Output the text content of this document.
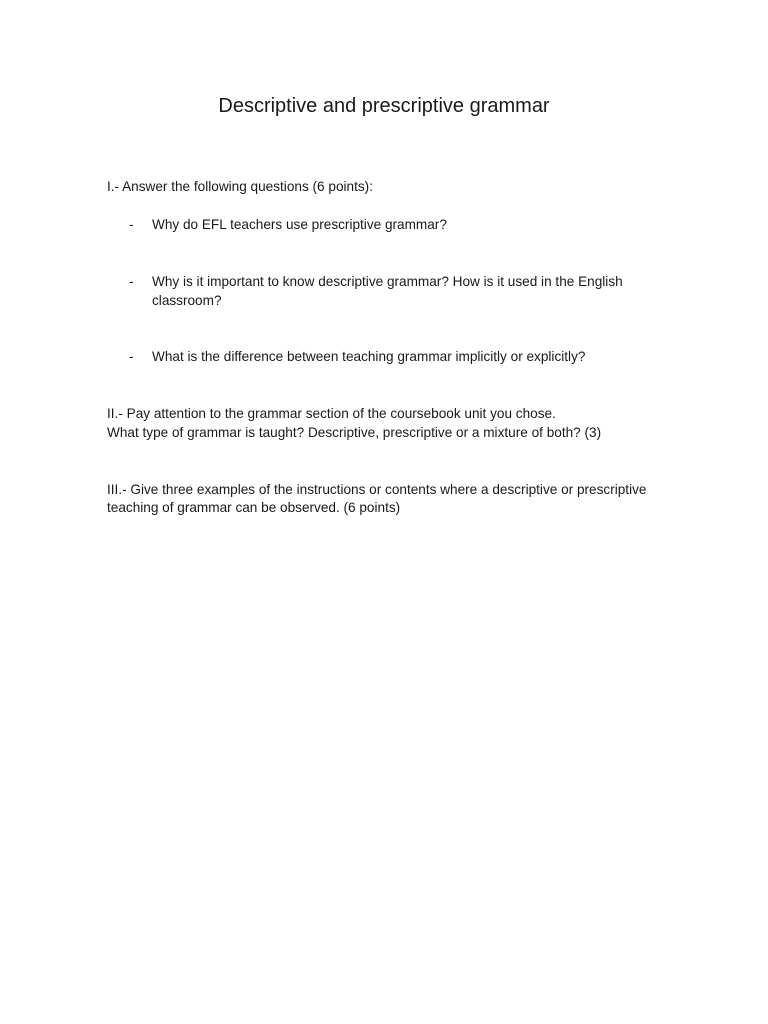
Descriptive and prescriptive grammar
I.- Answer the following questions (6 points):
- Why do EFL teachers use prescriptive grammar?
- Why is it important to know descriptive grammar? How is it used in the English
classroom?
- What is the difference between teaching grammar implicitly or explicitly?
II.- Pay attention to the grammar section of the coursebook unit you chose.
What type of grammar is taught? Descriptive, prescriptive or a mixture of both? (3)
III.- Give three examples of the instructions or contents where a descriptive or prescriptive
teaching of grammar can be observed. (6 points)
